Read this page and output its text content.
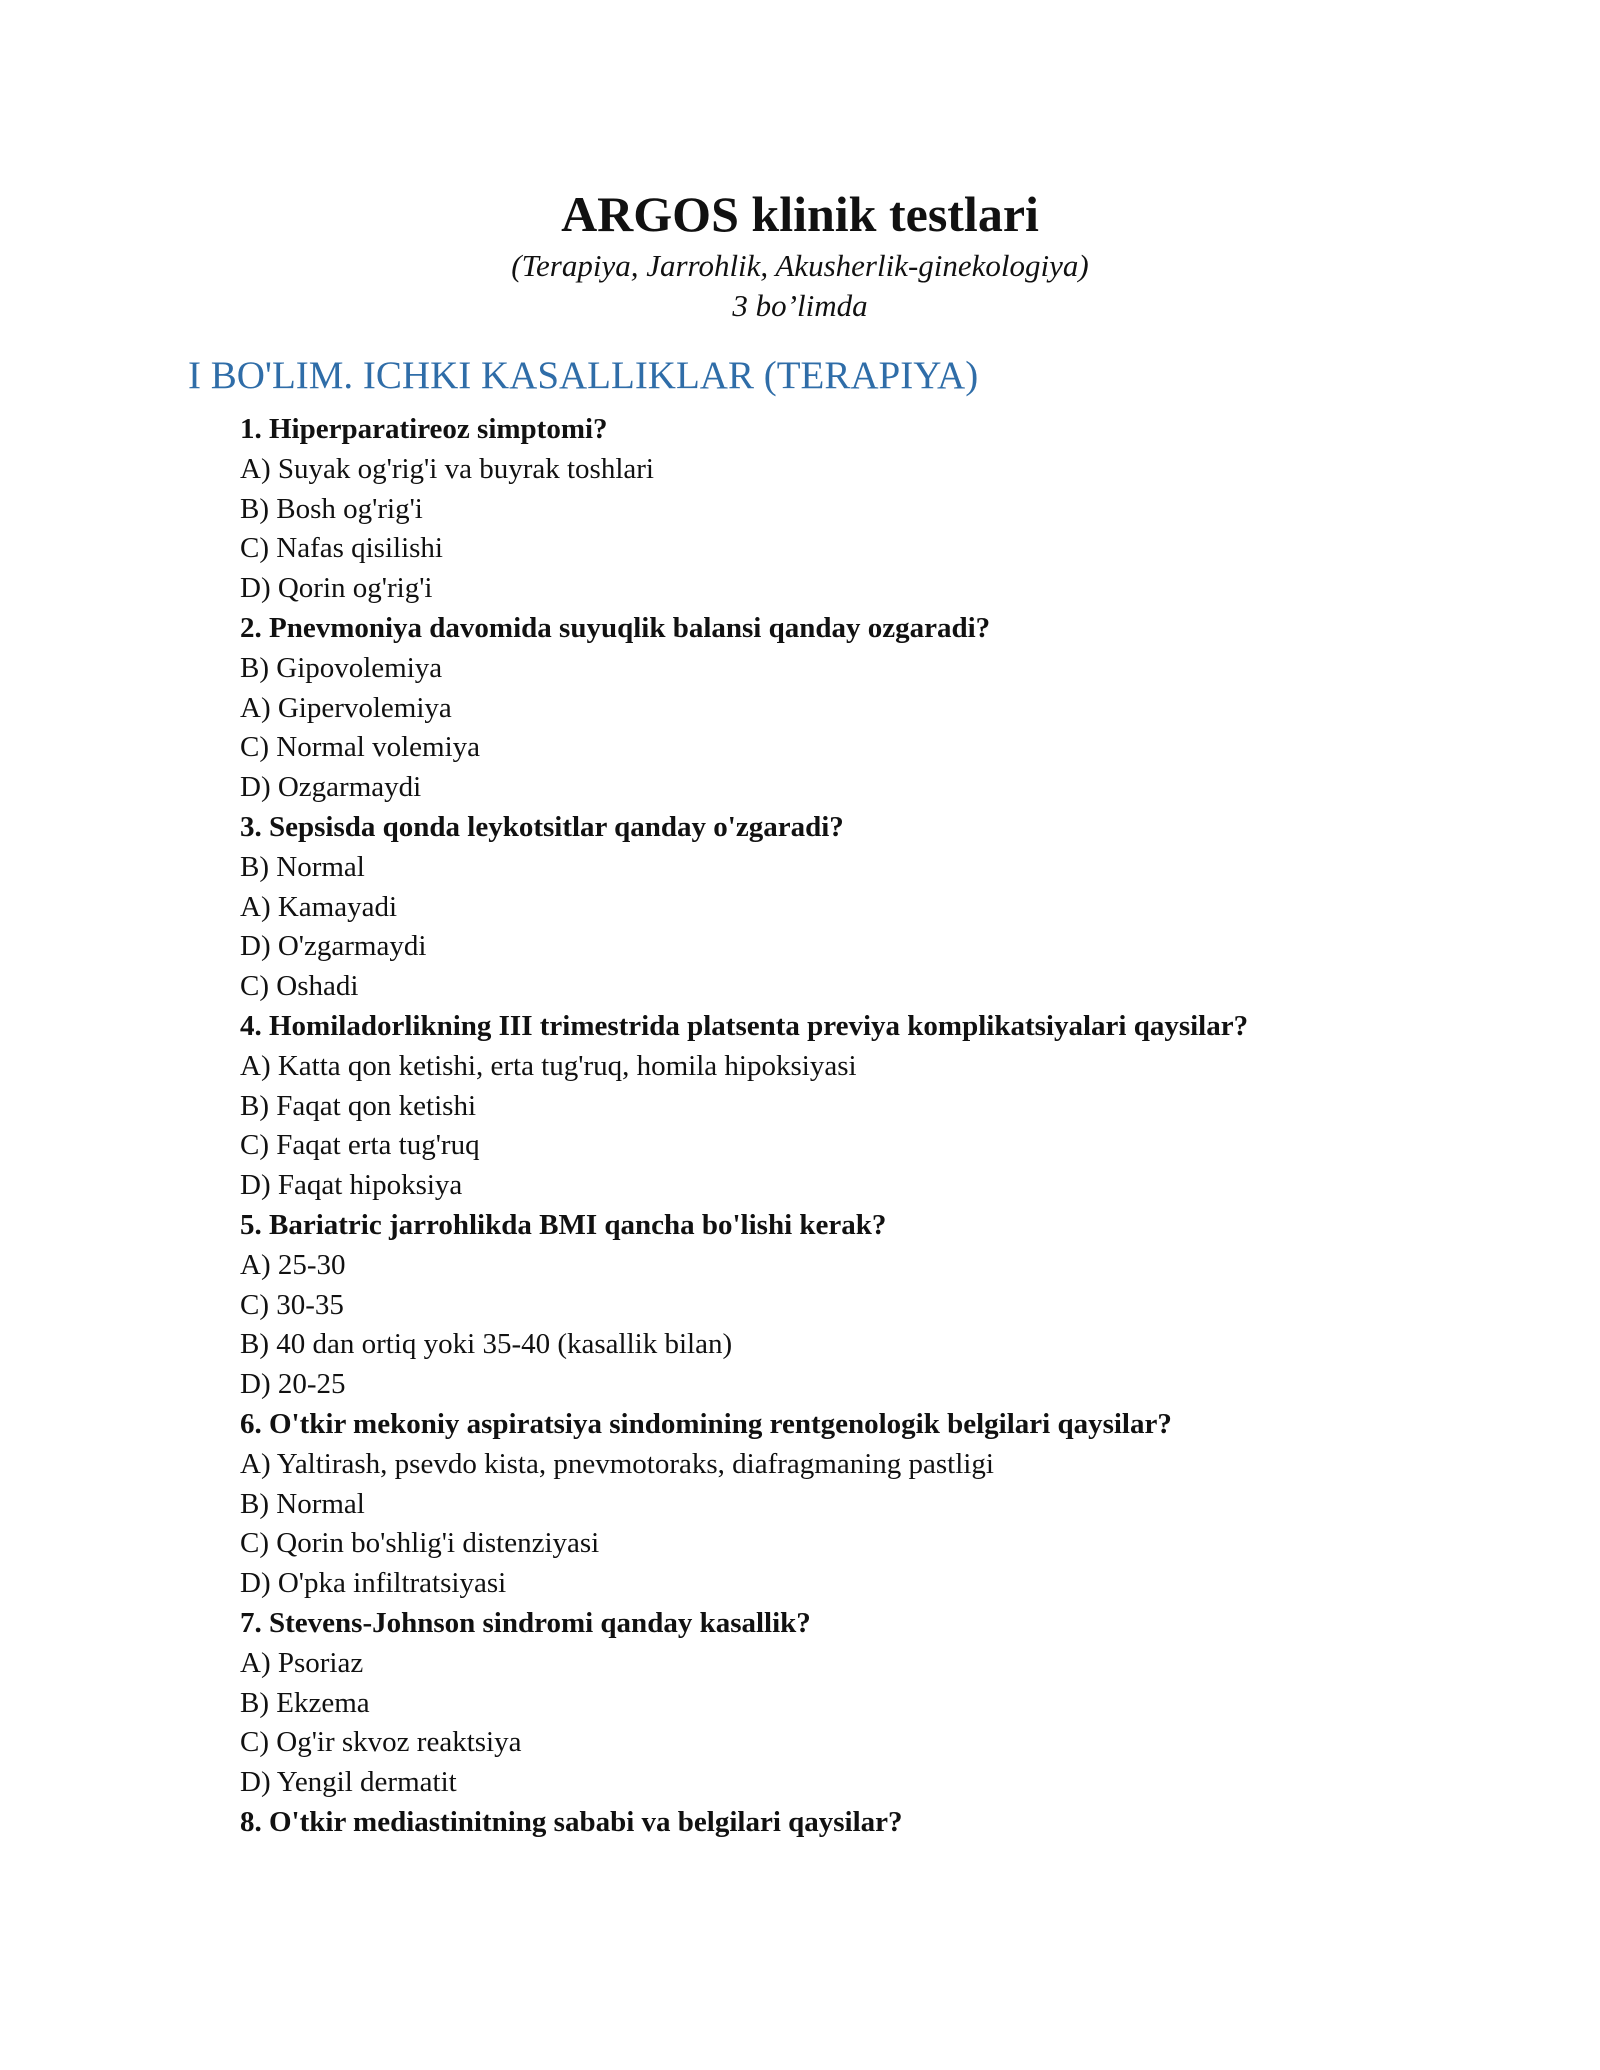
ARGOS klinik testlari
(Terapiya, Jarrohlik, Akusherlik-ginekologiya)
3 bo’limda
I BO'LIM. ICHKI KASALLIKLAR (TERAPIYA)

1. Hiperparatireoz simptomi?

A) Suyak og'rig'i va buyrak toshlari

B) Bosh og'rig'i

C) Nafas qisilishi

D) Qorin og'rig'i

2. Pnevmoniya davomida suyuqlik balansi qanday ozgaradi?

B) Gipovolemiya

A) Gipervolemiya

C) Normal volemiya

D) Ozgarmaydi

3. Sepsisda qonda leykotsitlar qanday o'zgaradi?

B) Normal

A) Kamayadi

D) O'zgarmaydi

C) Oshadi

4. Homiladorlikning III trimestrida platsenta previya komplikatsiyalari qaysilar?

A) Katta qon ketishi, erta tug'ruq, homila hipoksiyasi

B) Faqat qon ketishi

C) Faqat erta tug'ruq

D) Faqat hipoksiya

5. Bariatric jarrohlikda BMI qancha bo'lishi kerak?

A) 25-30

C) 30-35

B) 40 dan ortiq yoki 35-40 (kasallik bilan)

D) 20-25

6. O'tkir mekoniy aspiratsiya sindomining rentgenologik belgilari qaysilar?

A) Yaltirash, psevdo kista, pnevmotoraks, diafragmaning pastligi

B) Normal

C) Qorin bo'shlig'i distenziyasi

D) O'pka infiltratsiyasi

7. Stevens-Johnson sindromi qanday kasallik?

A) Psoriaz

B) Ekzema

C) Og'ir skvoz reaktsiya

D) Yengil dermatit

8. O'tkir mediastinitning sababi va belgilari qaysilar?
